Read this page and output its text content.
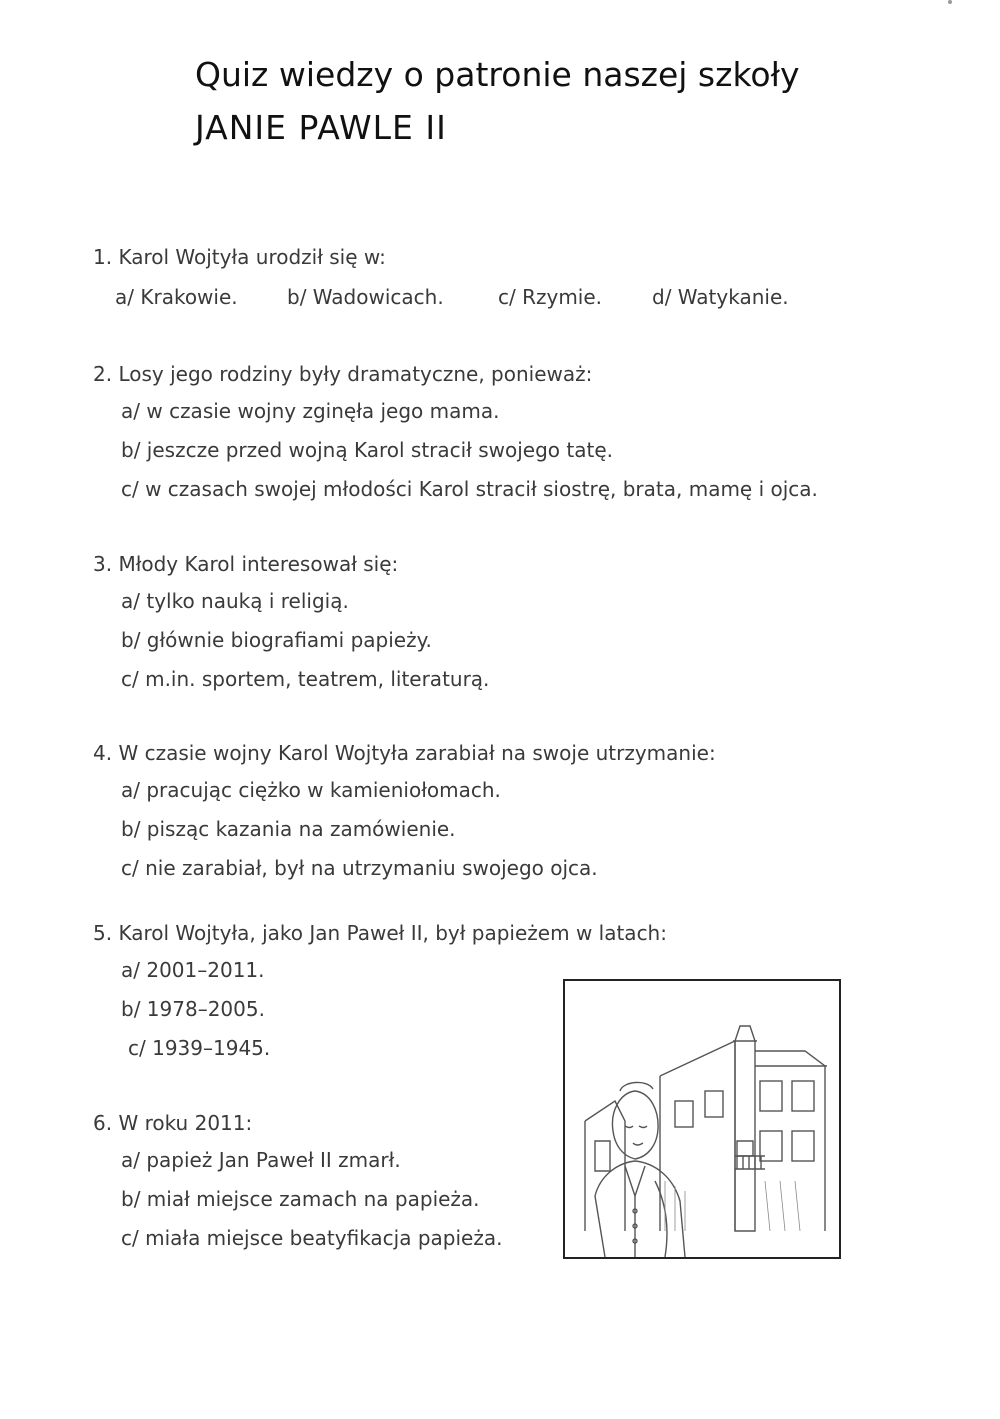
Quiz wiedzy o patronie naszej szkoły
JANIE PAWLE II
1. Karol Wojtyła urodził się w:
a/ Krakowie. b/ Wadowicach.	c/ Rzymie. d/ Watykanie.
2. Losy jego rodziny były dramatyczne, ponieważ:
a/ w czasie wojny zginęła jego mama.
b/ jeszcze przed wojną Karol stracił swojego tatę.
c/ w czasach swojej młodości Karol stracił siostrę, brata, mamę i ojca.
3. Młody Karol interesował się:
a/ tylko nauką i religią.
b/ głównie biografiami papieży.
c/ m.in. sportem, teatrem, literaturą.
4. W czasie wojny Karol Wojtyła zarabiał na swoje utrzymanie:
a/ pracując ciężko w kamieniołomach.
b/ pisząc kazania na zamówienie.
c/ nie zarabiał, był na utrzymaniu swojego ojca.
5. Karol Wojtyła, jako Jan Paweł II, był papieżem w latach:
a/ 2001–2011.
b/ 1978–2005.
c/ 1939–1945.
6. W roku 2011:
a/ papież Jan Paweł II zmarł.
b/ miał miejsce zamach na papieża.
c/ miała miejsce beatyfikacja papieża.
